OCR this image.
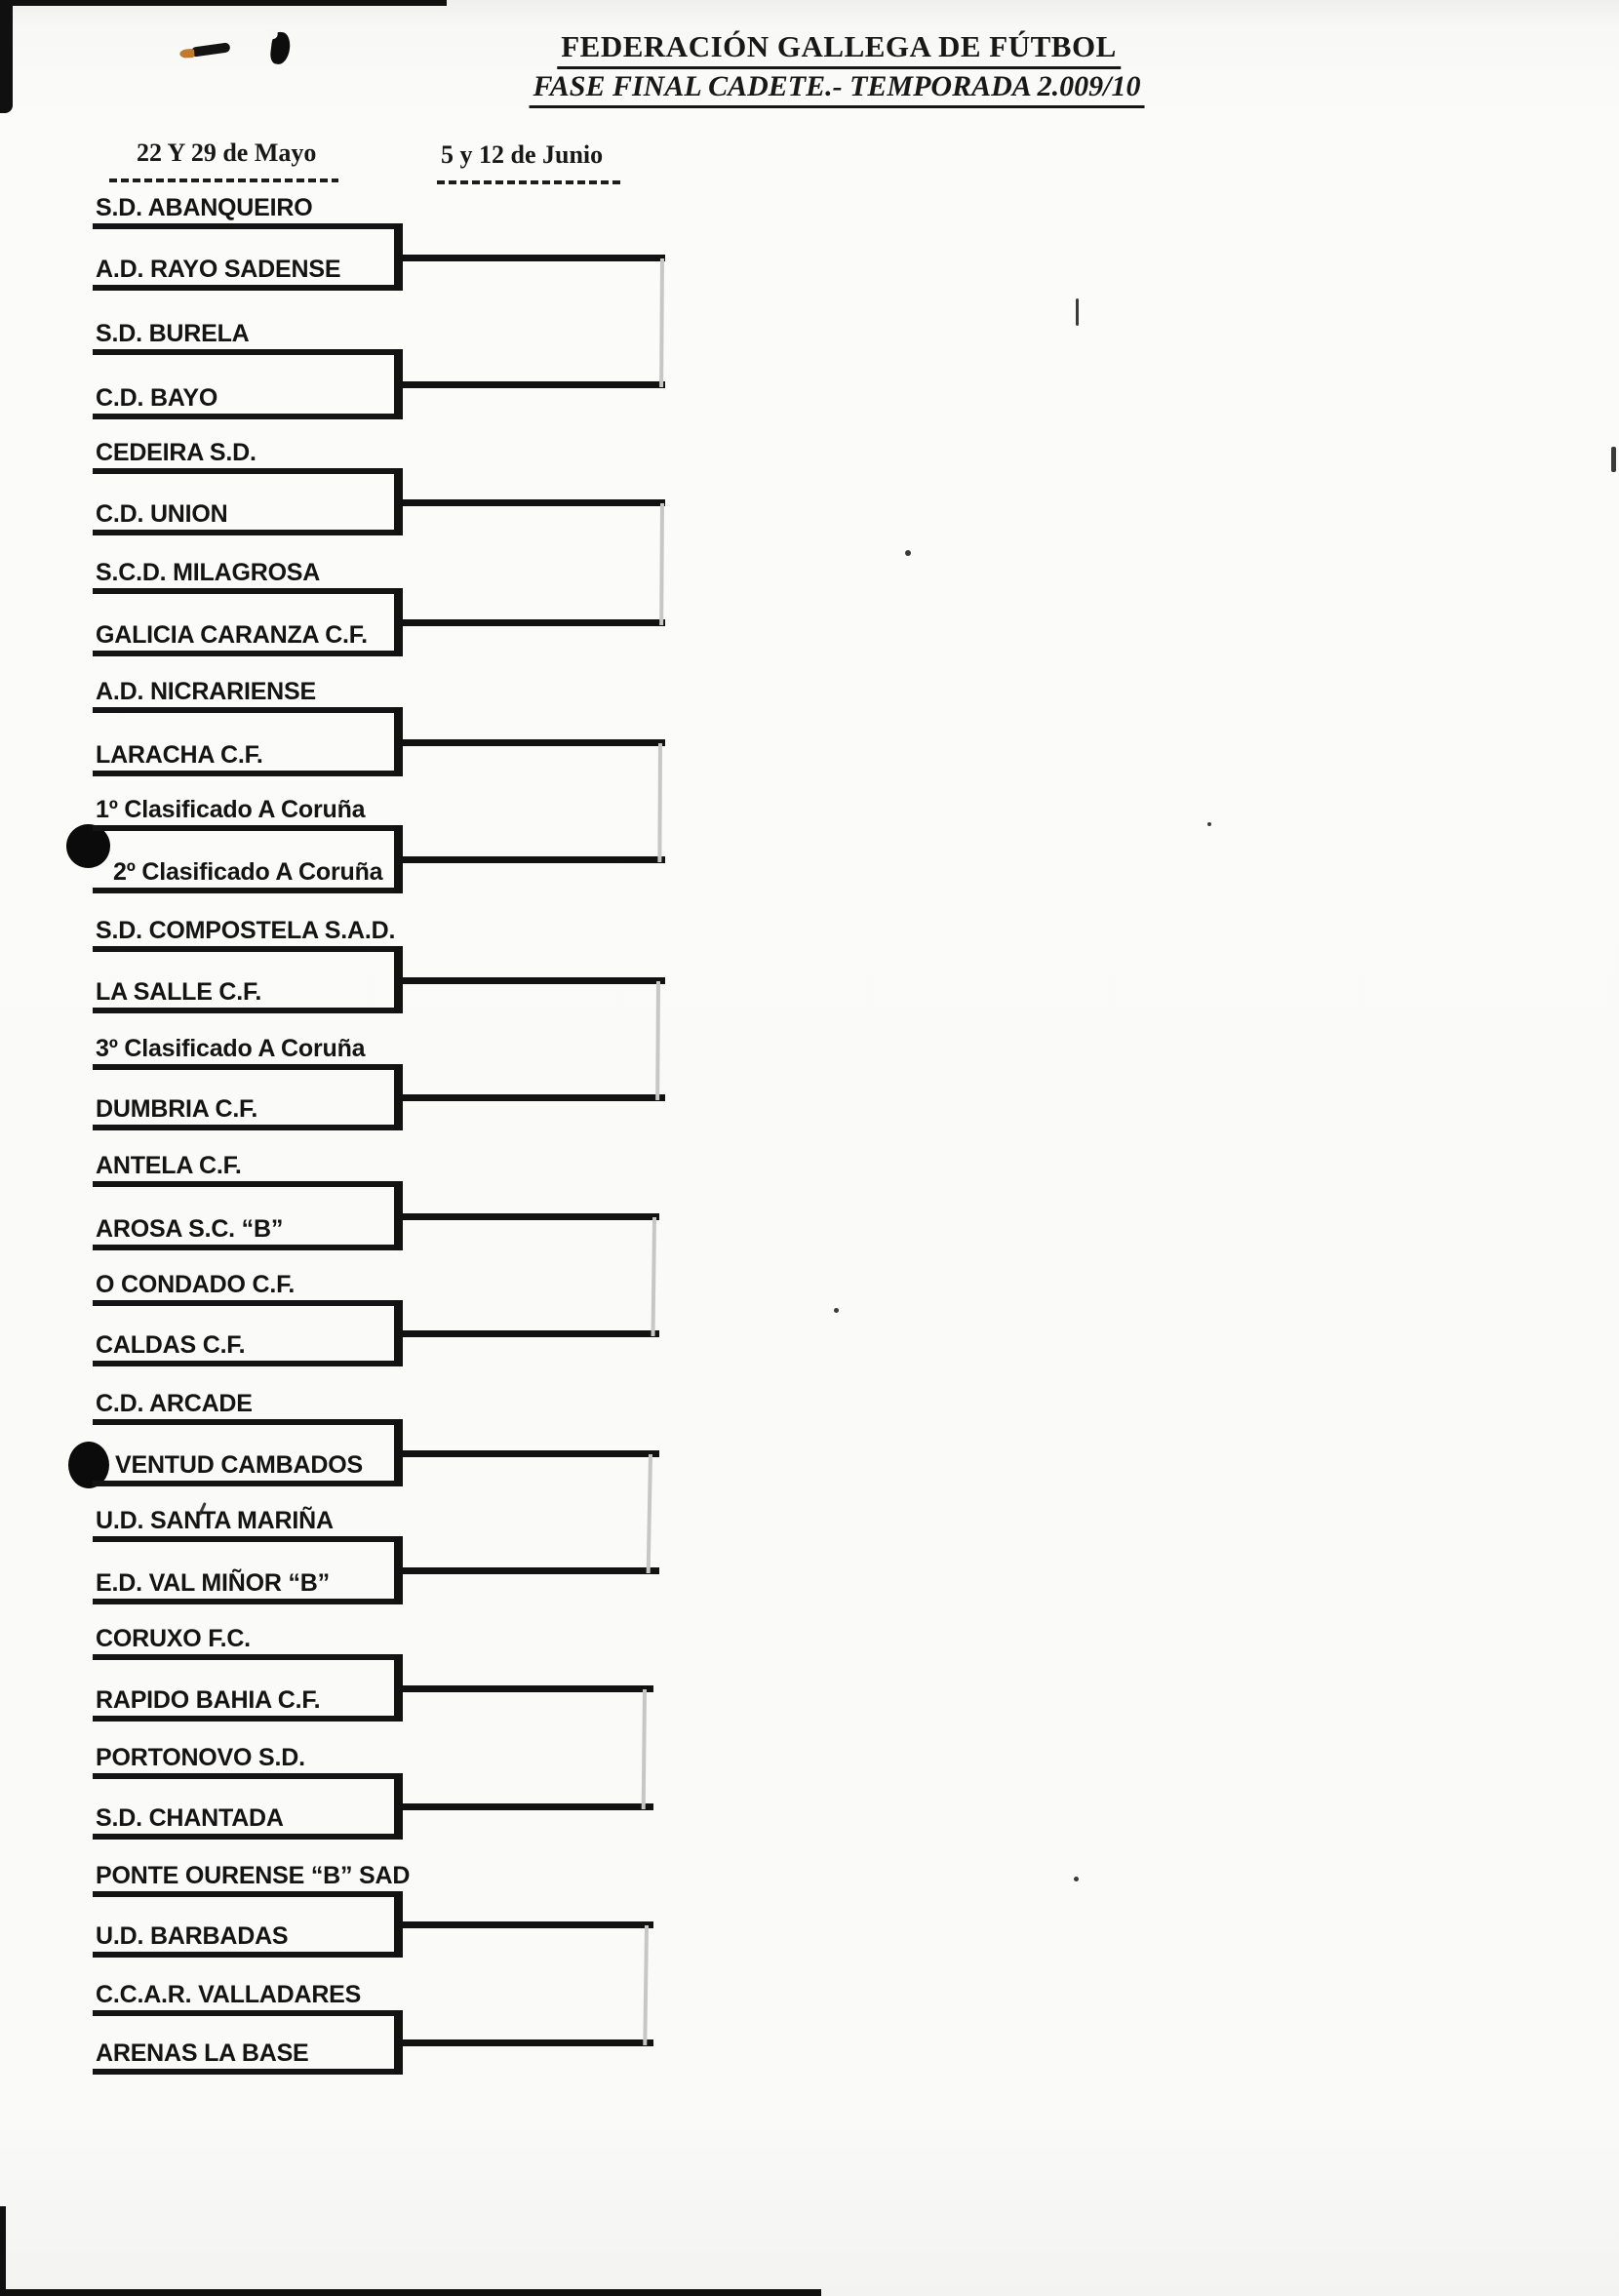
FEDERACIÓN GALLEGA DE FÚTBOL
FASE FINAL CADETE.- TEMPORADA 2.009/10
22 Y 29 de Mayo	5 y 12 de Junio
S.D. ABANQUEIRO
A.D. RAYO SADENSE
S.D. BURELA
C.D. BAYO
CEDEIRA S.D.
C.D. UNION
S.C.D. MILAGROSA
GALICIA CARANZA C.F.
A.D. NICRARIENSE
LARACHA C.F.
1º Clasificado A Coruña
2º Clasificado A Coruña
S.D. COMPOSTELA S.A.D.
LA SALLE C.F.
3º Clasificado A Coruña
DUMBRIA C.F.
ANTELA C.F.
AROSA S.C. “B”
O CONDADO C.F.
CALDAS C.F.
C.D. ARCADE
VENTUD CAMBADOS
U.D. SANTA MARIÑA
E.D. VAL MIÑOR “B”
CORUXO F.C.
RAPIDO BAHIA C.F.
PORTONOVO S.D.
S.D. CHANTADA
PONTE OURENSE “B” SAD
U.D. BARBADAS
C.C.A.R. VALLADARES
ARENAS LA BASE
